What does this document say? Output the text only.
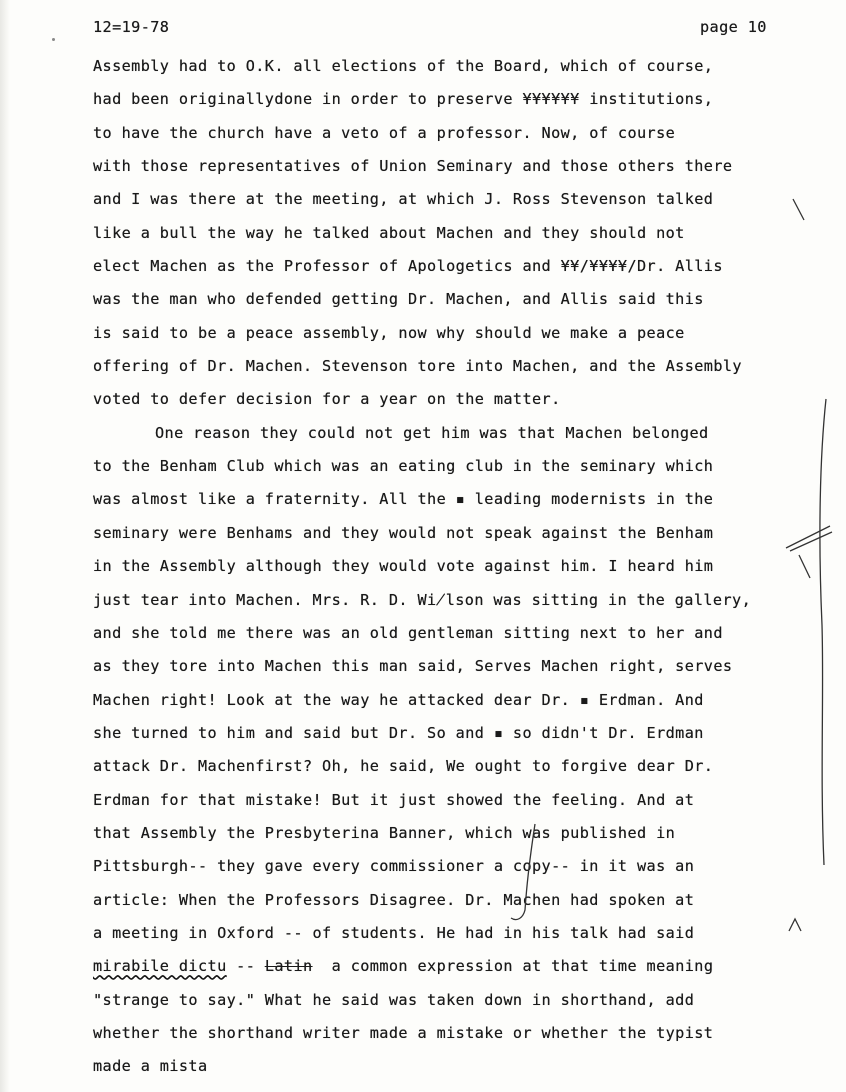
12=19-78	page 10
Assembly had to O.K. all elections of the Board, which of course,
had been originallydone in order to preserve ¥¥¥¥¥¥ institutions,
to have the church have a veto of a professor. Now, of course
with those representatives of Union Seminary and those others there
and I was there at the meeting, at which J. Ross Stevenson talked
like a bull the way he talked about Machen and they should not
elect Machen as the Professor of Apologetics and ¥¥/¥¥¥¥/Dr. Allis
was the man who defended getting Dr. Machen, and Allis said this
is said to be a peace assembly, now why should we make a peace
offering of Dr. Machen. Stevenson tore into Machen, and the Assembly
voted to defer decision for a year on the matter.
One reason they could not get him was that Machen belonged
to the Benham Club which was an eating club in the seminary which
was almost like a fraternity. All the ▪ leading modernists in the
seminary were Benhams and they would not speak against the Benham
in the Assembly although they would vote against him. I heard him
just tear into Machen. Mrs. R. D. Wi̸lson was sitting in the gallery,
and she told me there was an old gentleman sitting next to her and
as they tore into Machen this man said, Serves Machen right, serves
Machen right! Look at the way he attacked dear Dr. ▪ Erdman. And
she turned to him and said but Dr. So and ▪ so didn't Dr. Erdman
attack Dr. Machenfirst? Oh, he said, We ought to forgive dear Dr.
Erdman for that mistake! But it just showed the feeling. And at
that Assembly the Presbyterina Banner, which was published in
Pittsburgh-- they gave every commissioner a copy-- in it was an
article: When the Professors Disagree. Dr. Machen had spoken at
a meeting in Oxford -- of students. He had in his talk had said
mirabile dictu -- Latin  a common expression at that time meaning
"strange to say." What he said was taken down in shorthand, add
whether the shorthand writer made a mistake or whether the typist
made a mista
